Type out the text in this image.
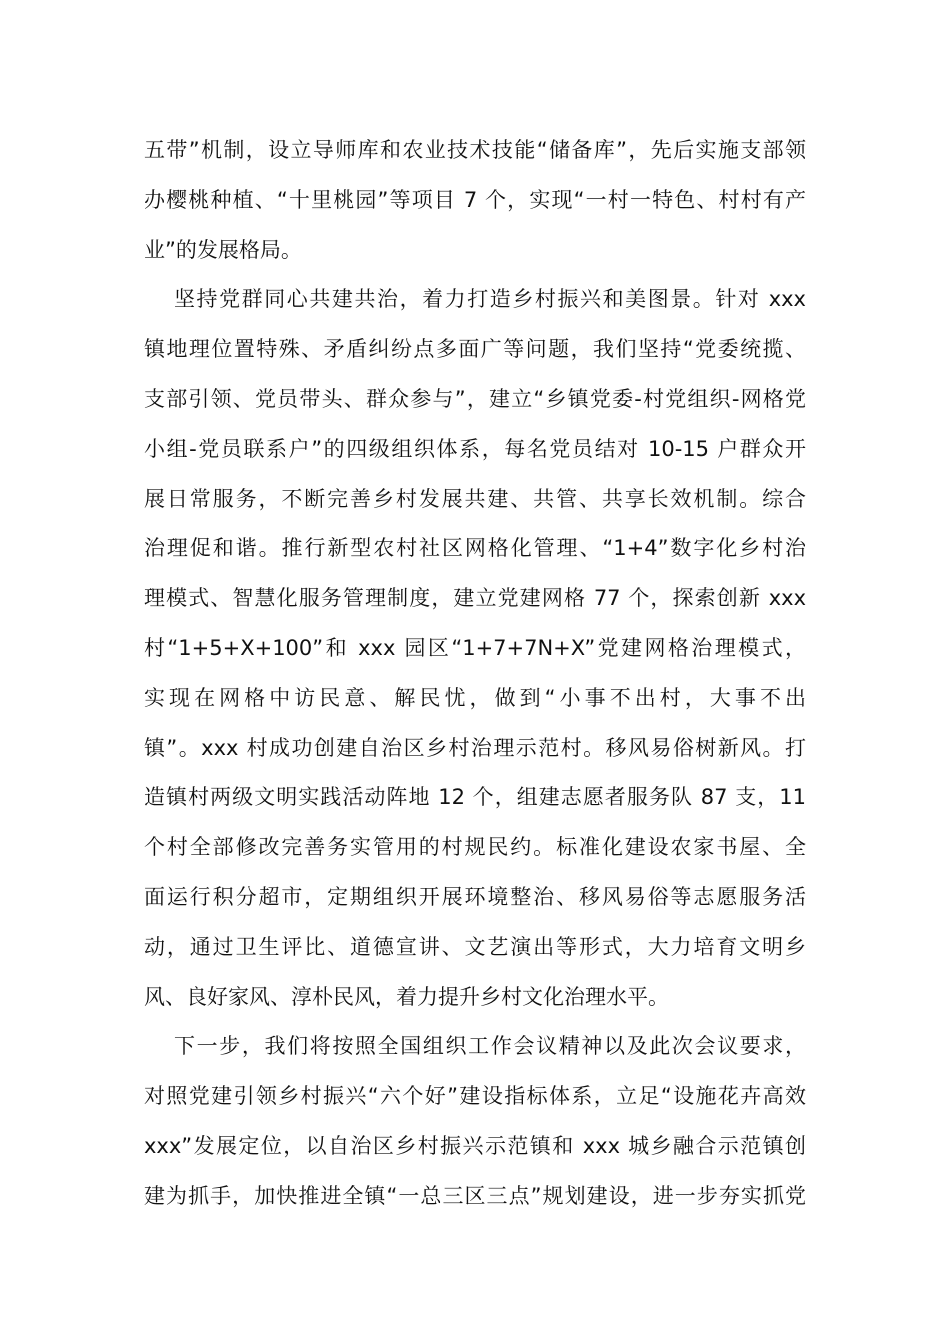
五带”机制，设立导师库和农业技术技能“储备库”，先后实施支部领
办樱桃种植、“十里桃园”等项目 7 个，实现“一村一特色、村村有产
业”的发展格局。

坚持党群同心共建共治，着力打造乡村振兴和美图景。针对 xxx
镇地理位置特殊、矛盾纠纷点多面广等问题，我们坚持“党委统揽、
支部引领、党员带头、群众参与”，建立“乡镇党委-村党组织-网格党
小组-党员联系户”的四级组织体系，每名党员结对 10-15 户群众开
展日常服务，不断完善乡村发展共建、共管、共享长效机制。综合
治理促和谐。推行新型农村社区网格化管理、“1+4”数字化乡村治
理模式、智慧化服务管理制度，建立党建网格 77 个，探索创新 xxx
村“1+5+X+100”和 xxx 园区“1+7+7N+X”党建网格治理模式，
实现在网格中访民意、解民忧，做到“小事不出村，大事不出
镇”。xxx 村成功创建自治区乡村治理示范村。移风易俗树新风。打
造镇村两级文明实践活动阵地 12 个，组建志愿者服务队 87 支，11
个村全部修改完善务实管用的村规民约。标准化建设农家书屋、全
面运行积分超市，定期组织开展环境整治、移风易俗等志愿服务活
动，通过卫生评比、道德宣讲、文艺演出等形式，大力培育文明乡
风、良好家风、淳朴民风，着力提升乡村文化治理水平。

下一步，我们将按照全国组织工作会议精神以及此次会议要求，
对照党建引领乡村振兴“六个好”建设指标体系，立足“设施花卉高效
xxx”发展定位，以自治区乡村振兴示范镇和 xxx 城乡融合示范镇创
建为抓手，加快推进全镇“一总三区三点”规划建设，进一步夯实抓党
